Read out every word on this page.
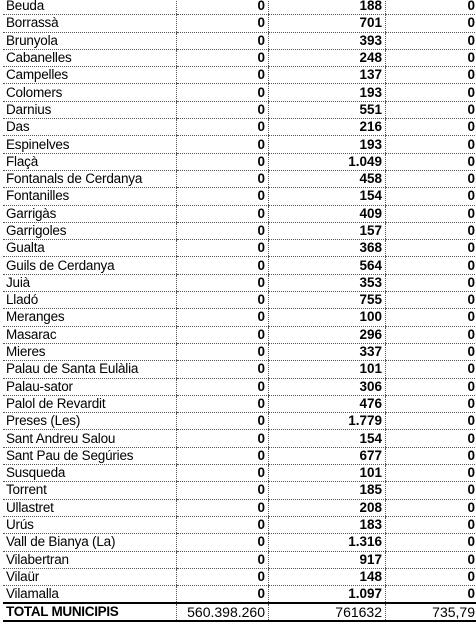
Beuda	0	188	0
Borrassà	0	701	0
Brunyola	0	393	0
Cabanelles	0	248	0
Campelles	0	137	0
Colomers	0	193	0
Darnius	0	551	0
Das	0	216	0
Espinelves	0	193	0
Flaçà	0	1.049	0
Fontanals de Cerdanya	0	458	0
Fontanilles	0	154	0
Garrigàs	0	409	0
Garrigoles	0	157	0
Gualta	0	368	0
Guils de Cerdanya	0	564	0
Juià	0	353	0
Lladó	0	755	0
Meranges	0	100	0
Masarac	0	296	0
Mieres	0	337	0
Palau de Santa Eulàlia	0	101	0
Palau-sator	0	306	0
Palol de Revardit	0	476	0
Preses (Les)	0	1.779	0
Sant Andreu Salou	0	154	0
Sant Pau de Segúries	0	677	0
Susqueda	0	101	0
Torrent	0	185	0
Ullastret	0	208	0
Urús	0	183	0
Vall de Bianya (La)	0	1.316	0
Vilabertran	0	917	0
Vilaür	0	148	0
Vilamalla	0	1.097	0
TOTAL MUNICIPIS	560.398.260	761632	735,79
